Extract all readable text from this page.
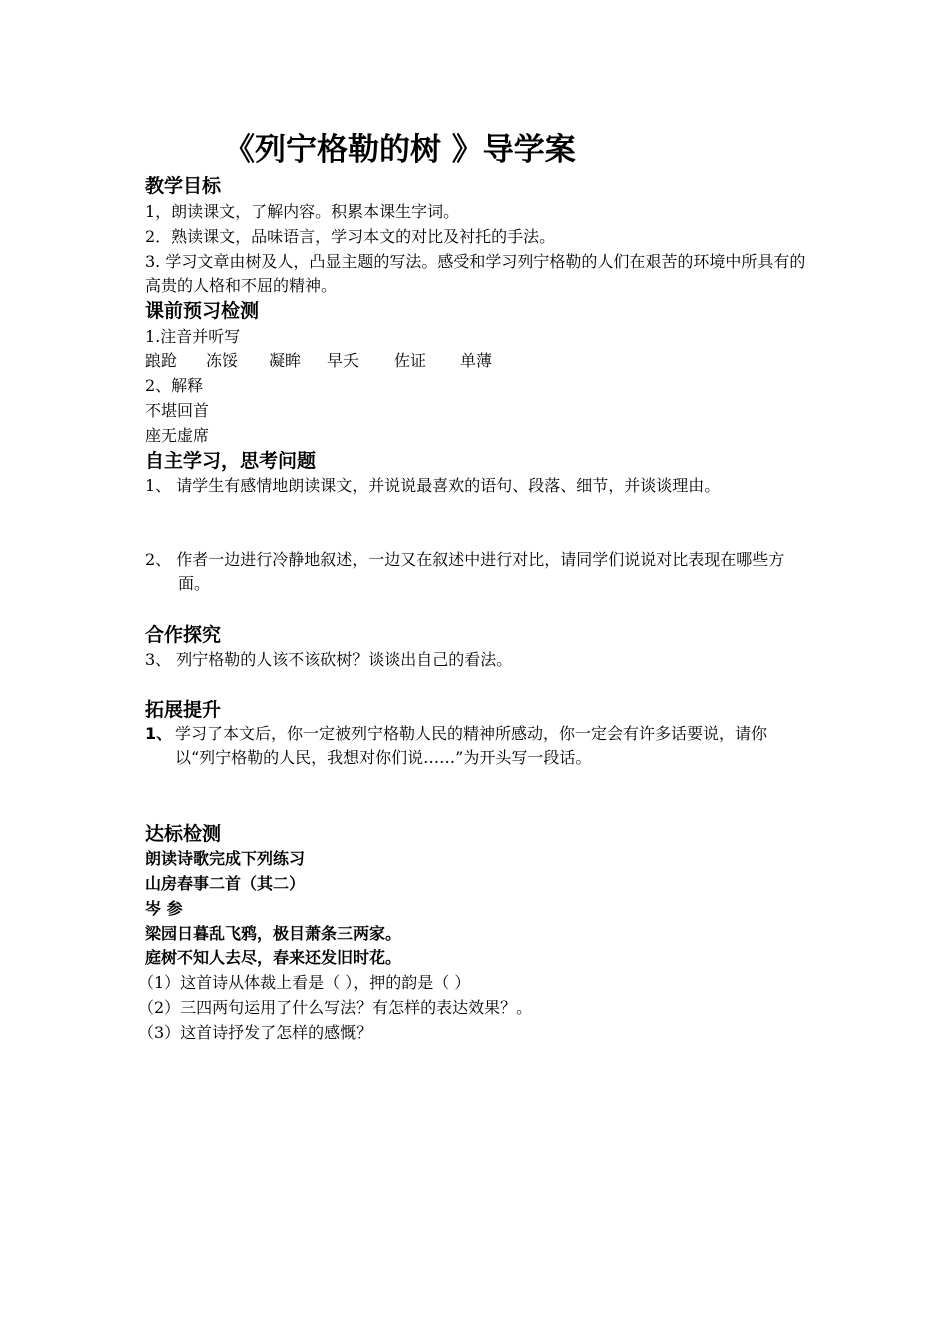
《列宁格勒的树 》导学案
教学目标
1，朗读课文，了解内容。积累本课生字词。
2．熟读课文，品味语言，学习本文的对比及衬托的手法。
3. 学习文章由树及人，凸显主题的写法。感受和学习列宁格勒的人们在艰苦的环境中所具有的高贵的人格和不屈的精神。
课前预习检测
1.注音并听写
踉跄 冻馁 凝眸 早夭 佐证 单薄
2、解释
不堪回首
座无虚席
自主学习，思考问题
1、 请学生有感情地朗读课文，并说说最喜欢的语句、段落、细节，并谈谈理由。
2、 作者一边进行冷静地叙述，一边又在叙述中进行对比，请同学们说说对比表现在哪些方面。
合作探究
3、 列宁格勒的人该不该砍树？谈谈出自己的看法。
拓展提升
1、 学习了本文后，你一定被列宁格勒人民的精神所感动，你一定会有许多话要说，请你以“列宁格勒的人民，我想对你们说……”为开头写一段话。
达标检测
朗读诗歌完成下列练习
山房春事二首（其二）
岑 参
梁园日暮乱飞鸦，极目萧条三两家。
庭树不知人去尽，春来还发旧时花。
（1）这首诗从体裁上看是（ ），押的韵是（ ）
（2）三四两句运用了什么写法？有怎样的表达效果？。
（3）这首诗抒发了怎样的感慨？
